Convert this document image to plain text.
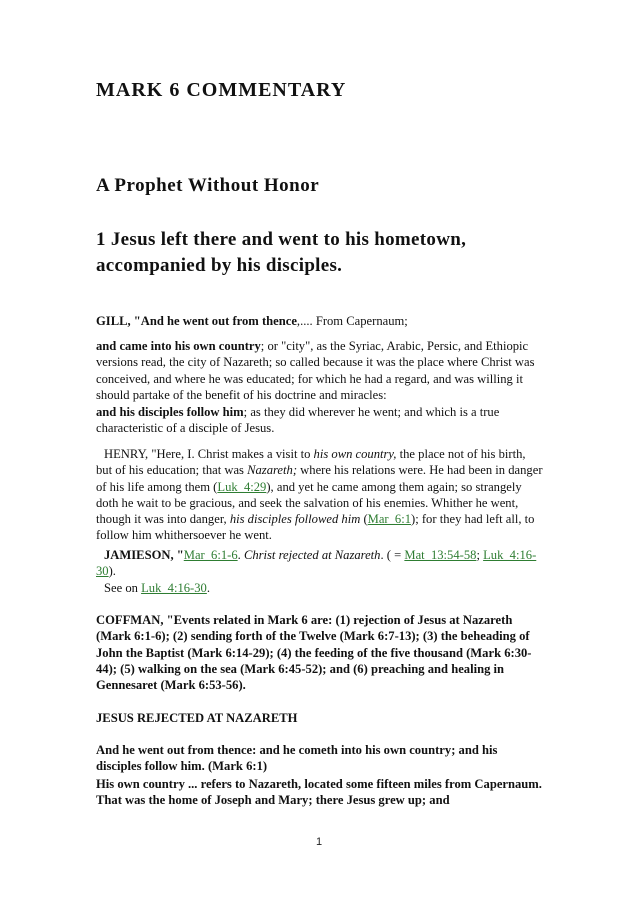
MARK 6 COMMENTARY
A Prophet Without Honor
1 Jesus left there and went to his hometown, accompanied by his disciples.

GILL, "And he went out from thence,.... From Capernaum;

and came into his own country; or "city", as the Syriac, Arabic, Persic, and Ethiopic versions read, the city of Nazareth; so called because it was the place where Christ was conceived, and where he was educated; for which he had a regard, and was willing it should partake of the benefit of his doctrine and miracles:

and his disciples follow him; as they did wherever he went; and which is a true characteristic of a disciple of Jesus.

HENRY, "Here, I. Christ makes a visit to his own country, the place not of his birth, but of his education; that was Nazareth; where his relations were. He had been in danger of his life among them (Luk_4:29), and yet he came among them again; so strangely doth he wait to be gracious, and seek the salvation of his enemies. Whither he went, though it was into danger, his disciples followed him (Mar_6:1); for they had left all, to follow him whithersoever he went.

JAMIESON, "Mar_6:1-6. Christ rejected at Nazareth. ( = Mat_13:54-58; Luk_4:16-30).
See on Luk_4:16-30.

COFFMAN, "Events related in Mark 6 are: (1) rejection of Jesus at Nazareth (Mark 6:1-6); (2) sending forth of the Twelve (Mark 6:7-13); (3) the beheading of John the Baptist (Mark 6:14-29); (4) the feeding of the five thousand (Mark 6:30-44); (5) walking on the sea (Mark 6:45-52); and (6) preaching and healing in Gennesaret (Mark 6:53-56).

JESUS REJECTED AT NAZARETH

And he went out from thence: and he cometh into his own country; and his disciples follow him. (Mark 6:1)

His own country ... refers to Nazareth, located some fifteen miles from Capernaum. That was the home of Joseph and Mary; there Jesus grew up; and

1
